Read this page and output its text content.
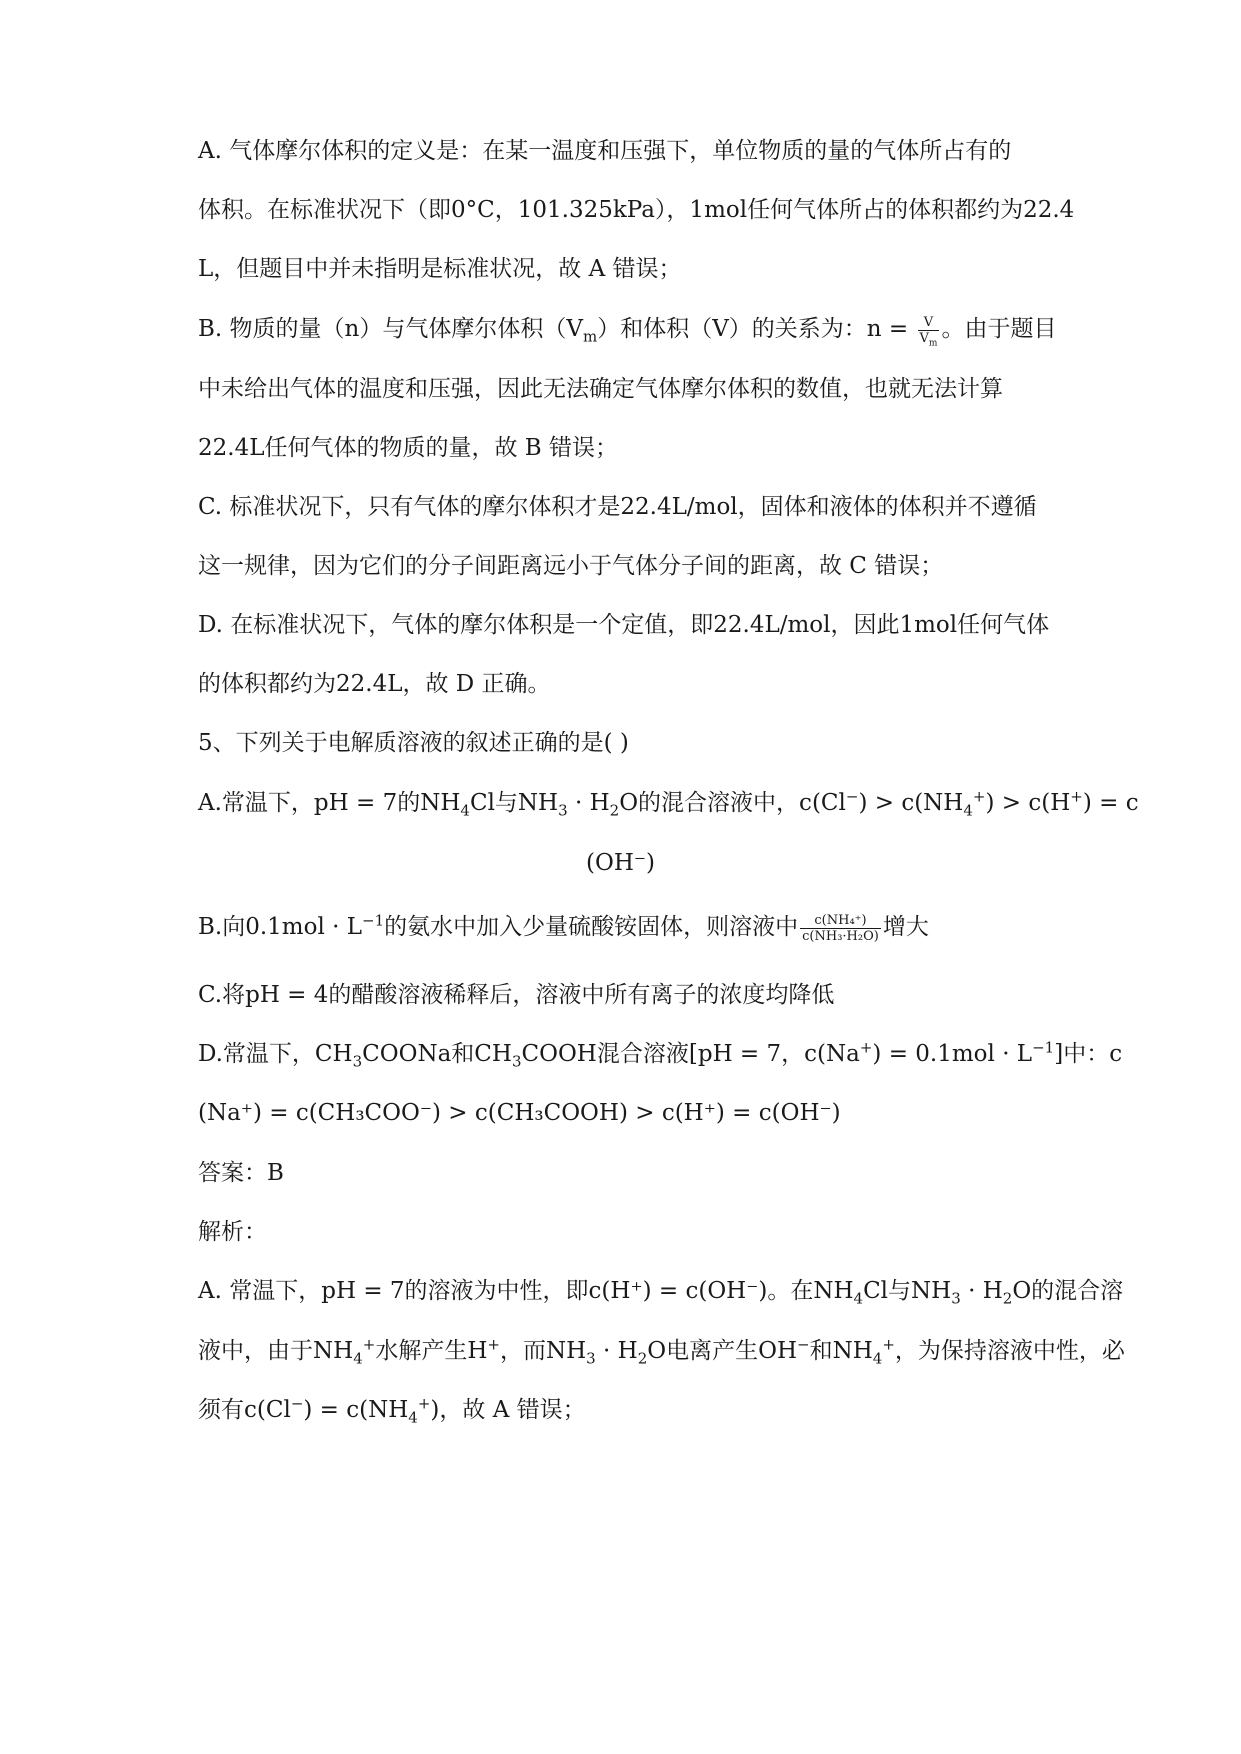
A. 气体摩尔体积的定义是：在某一温度和压强下，单位物质的量的气体所占有的
体积。在标准状况下（即0°C，101.325kPa），1mol任何气体所占的体积都约为22.4
L，但题目中并未指明是标准状况，故 A 错误；
B. 物质的量（n）与气体摩尔体积$(V_m)$和体积（V）的关系为：$n = \frac{V}{V_m}$ 。由于题目
中未给出气体的温度和压强，因此无法确定气体摩尔体积的数值，也就无法计算
22.4L任何气体的物质的量，故 B 错误；
C. 标准状况下，只有气体的摩尔体积才是22.4L/mol，固体和液体的体积并不遵循
这一规律，因为它们的分子间距离远小于气体分子间的距离，故 C 错误；
D. 在标准状况下，气体的摩尔体积是一个定值，即22.4L/mol，因此1mol任何气体
的体积都约为22.4L，故 D 正确。
5、下列关于电解质溶液的叙述正确的是( )
A.常温下，pH = 7的$NH_4Cl$与$NH_3 \cdot H_2O$的混合溶液中，$c(Cl^-) > c(NH_4^+) > c(H^+) = c$
(OH⁻)
B.向$0.1mol \cdot L^{-1}$的氨水中加入少量硫酸铵固体，则溶液中 $\frac{\text{c(NH₄⁺)}}{\text{c(NH₃·H₂O)}}$ 增大
C.将pH = 4的醋酸溶液稀释后，溶液中所有离子的浓度均降低
D.常温下，$CH_3COONa$和$CH_3COOH$混合溶液[pH = 7，$c(Na^+) = 0.1mol \cdot L^{-1}$]中：c
(Na⁺) = c(CH₃COO⁻) > c(CH₃COOH) > c(H⁺) = c(OH⁻)
答案：B
解析：
A. 常温下，pH = 7的溶液为中性，即c(H⁺) = c(OH⁻)。在$NH_4Cl$与$NH_3 \cdot H_2O$的混合溶
液中，由于$NH_4^+$水解产生H+，而$NH_3 \cdot H_2O$电离产生OH−和$NH_4^+$，为保持溶液中性，必
须有$c(Cl^-) = c(NH_4^+)$，故 A 错误；
